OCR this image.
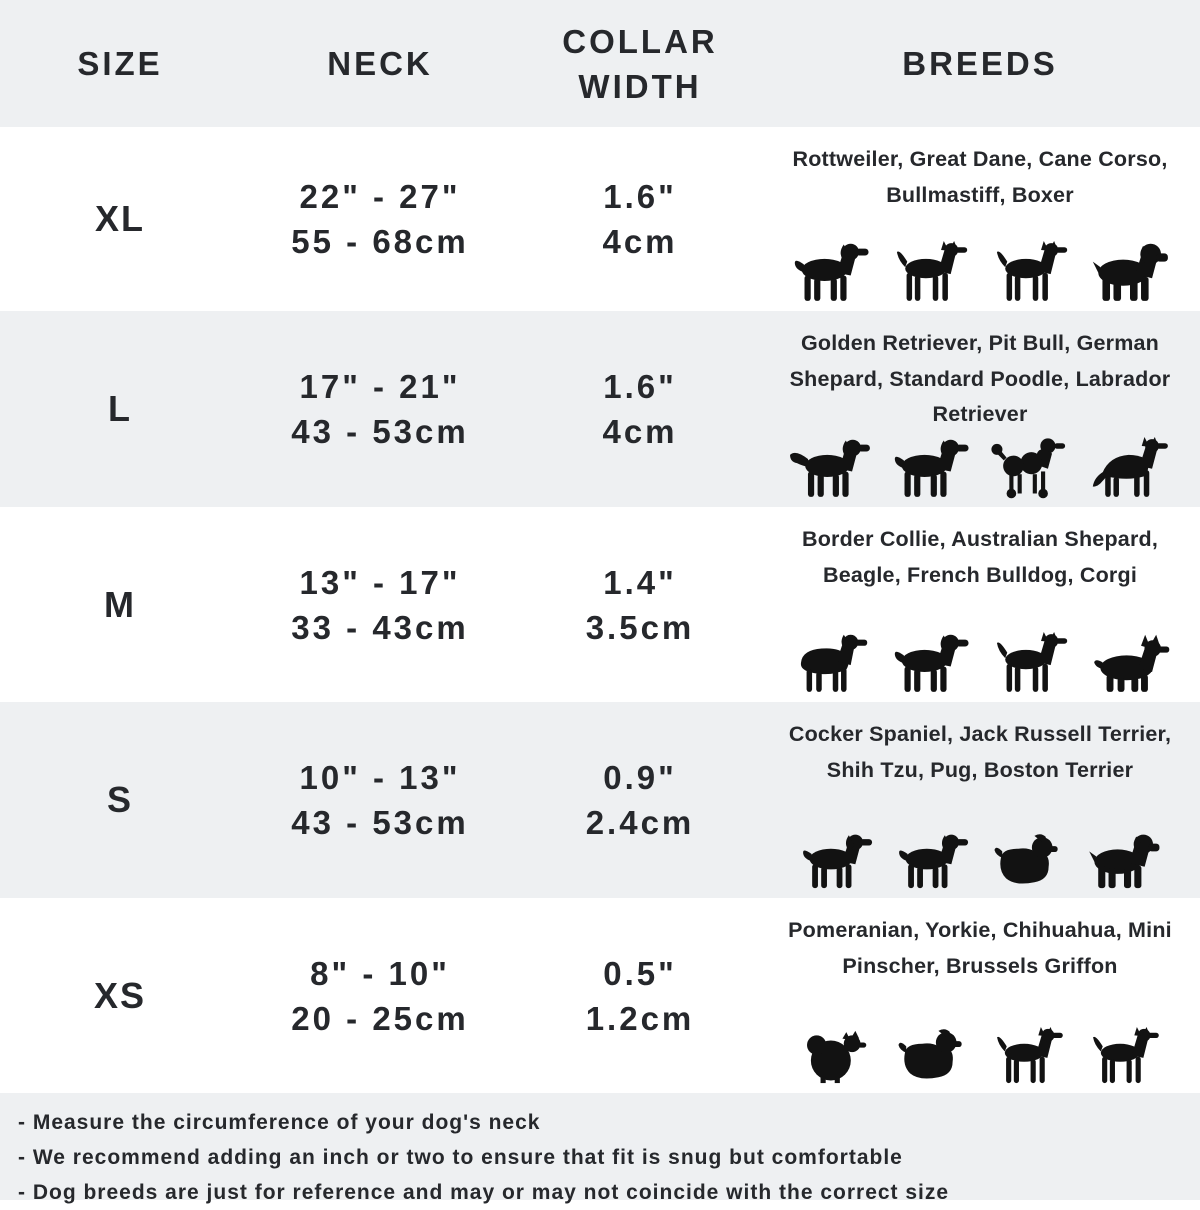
SIZE	NECK
COLLAR WIDTH
BREEDS
XL
22" - 27"
55 - 68cm
1.6"
4cm
Rottweiler, Great Dane, Cane Corso, Bullmastiff, Boxer
L
17" - 21"
43 - 53cm
1.6"
4cm
Golden Retriever, Pit Bull, German Shepard, Standard Poodle, Labrador Retriever
M
13" - 17"
33 - 43cm
1.4"
3.5cm
Border Collie, Australian Shepard, Beagle, French Bulldog, Corgi
S
10" - 13"
43 - 53cm
0.9"
2.4cm
Cocker Spaniel, Jack Russell Terrier, Shih Tzu, Pug, Boston Terrier
XS
8" - 10"
20 - 25cm
0.5"
1.2cm
Pomeranian, Yorkie, Chihuahua, Mini Pinscher, Brussels Griffon
- Measure the circumference of your dog's neck
- We recommend adding an inch or two to ensure that fit is snug but comfortable
- Dog breeds are just for reference and may or may not coincide with the correct size
